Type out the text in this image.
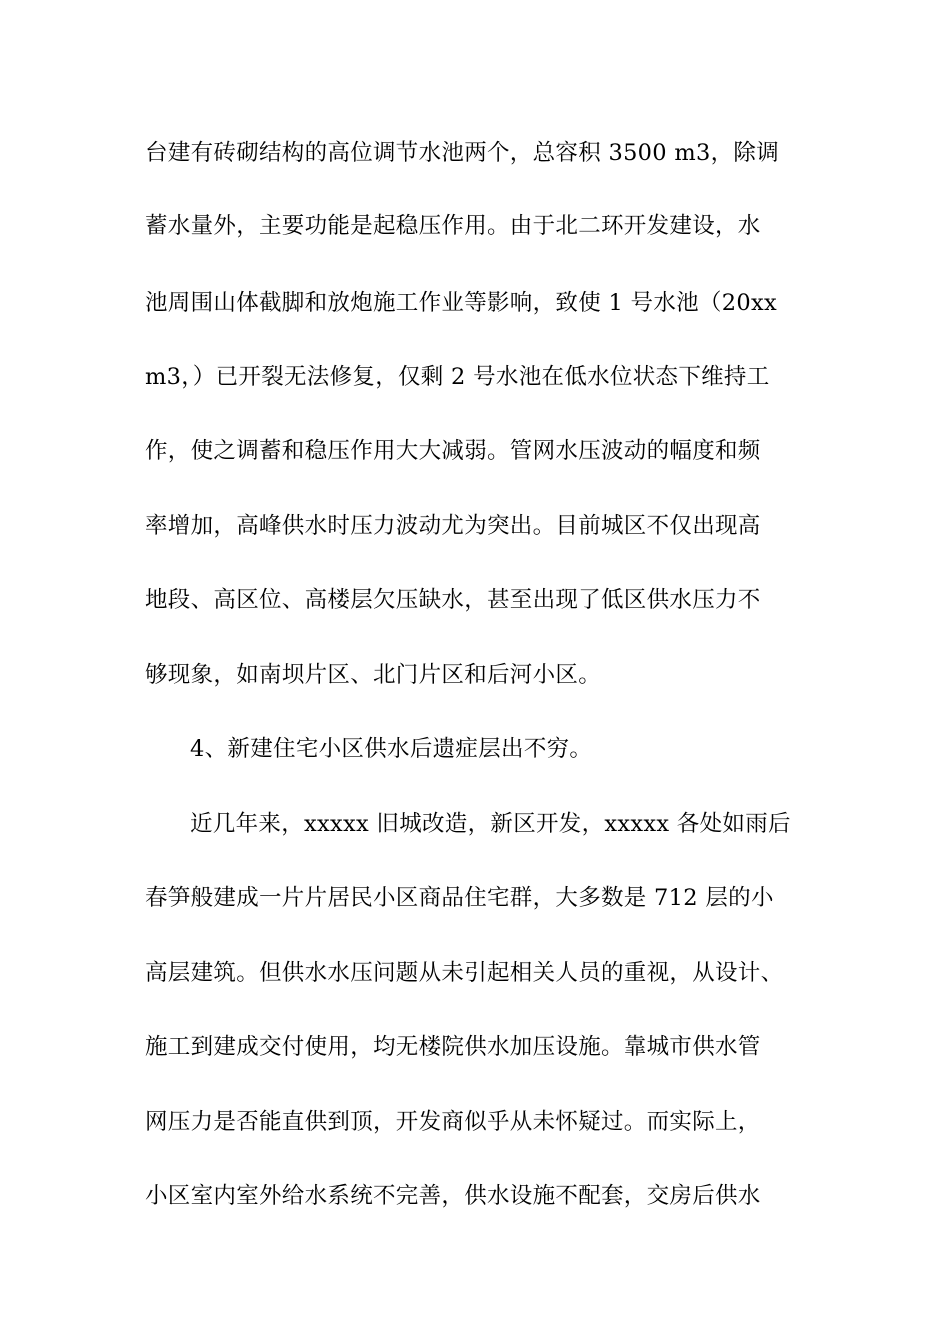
台建有砖砌结构的高位调节水池两个，总容积 3500 m3，除调
蓄水量外，主要功能是起稳压作用。由于北二环开发建设，水
池周围山体截脚和放炮施工作业等影响，致使 1 号水池（20xx
m3，）已开裂无法修复，仅剩 2 号水池在低水位状态下维持工
作，使之调蓄和稳压作用大大减弱。管网水压波动的幅度和频
率增加，高峰供水时压力波动尤为突出。目前城区不仅出现高
地段、高区位、高楼层欠压缺水，甚至出现了低区供水压力不
够现象，如南坝片区、北门片区和后河小区。
4、新建住宅小区供水后遗症层出不穷。
近几年来，xxxxx 旧城改造，新区开发，xxxxx 各处如雨后
春笋般建成一片片居民小区商品住宅群，大多数是 712 层的小
高层建筑。但供水水压问题从未引起相关人员的重视，从设计、
施工到建成交付使用，均无楼院供水加压设施。靠城市供水管
网压力是否能直供到顶，开发商似乎从未怀疑过。而实际上，
小区室内室外给水系统不完善，供水设施不配套，交房后供水
